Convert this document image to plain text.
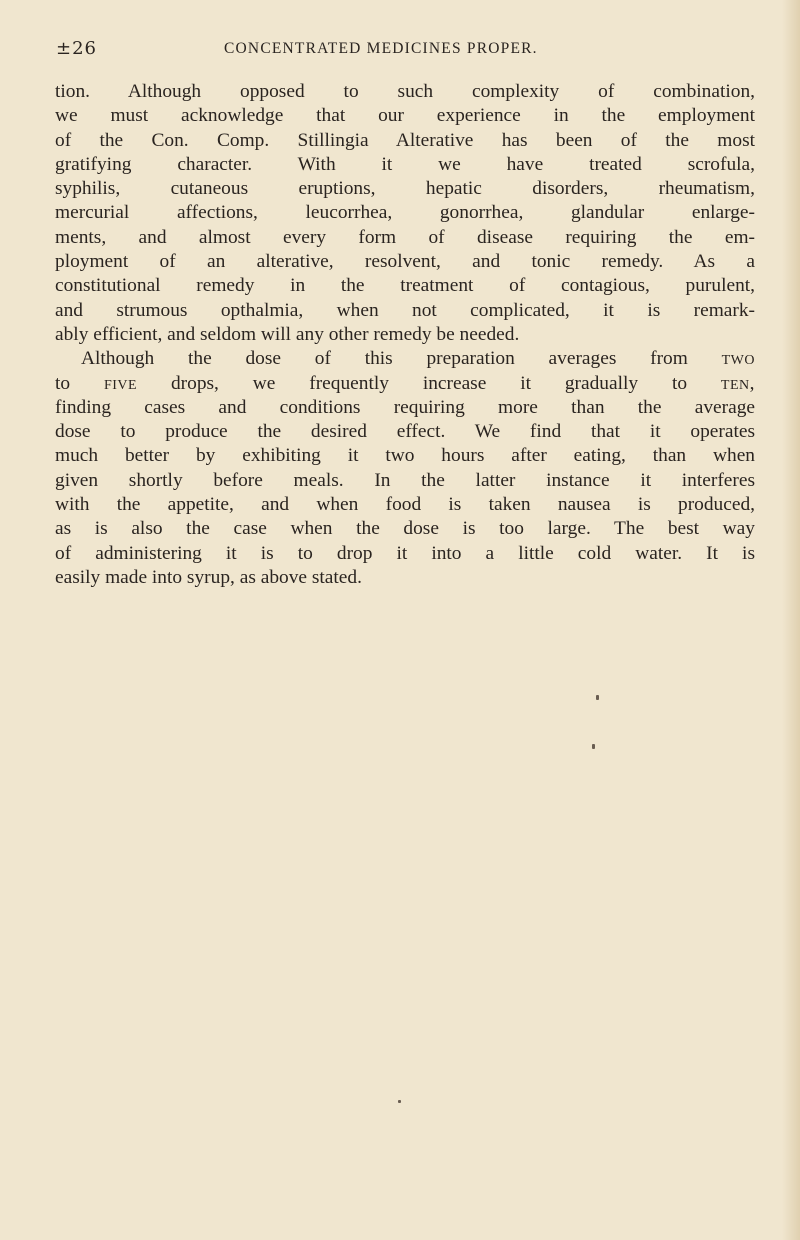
±26	CONCENTRATED MEDICINES PROPER.
tion. Although opposed to such complexity of combination,
we must acknowledge that our experience in the employment
of the Con. Comp. Stillingia Alterative has been of the most
gratifying character. With it we have treated scrofula,
syphilis, cutaneous eruptions, hepatic disorders, rheumatism,
mercurial affections, leucorrhea, gonorrhea, glandular enlarge-
ments, and almost every form of disease requiring the em-
ployment of an alterative, resolvent, and tonic remedy. As a
constitutional remedy in the treatment of contagious, purulent,
and strumous opthalmia, when not complicated, it is remark-
ably efficient, and seldom will any other remedy be needed.
Although the dose of this preparation averages from two
to five drops, we frequently increase it gradually to ten,
finding cases and conditions requiring more than the average
dose to produce the desired effect. We find that it operates
much better by exhibiting it two hours after eating, than when
given shortly before meals. In the latter instance it interferes
with the appetite, and when food is taken nausea is produced,
as is also the case when the dose is too large. The best way
of administering it is to drop it into a little cold water. It is
easily made into syrup, as above stated.
